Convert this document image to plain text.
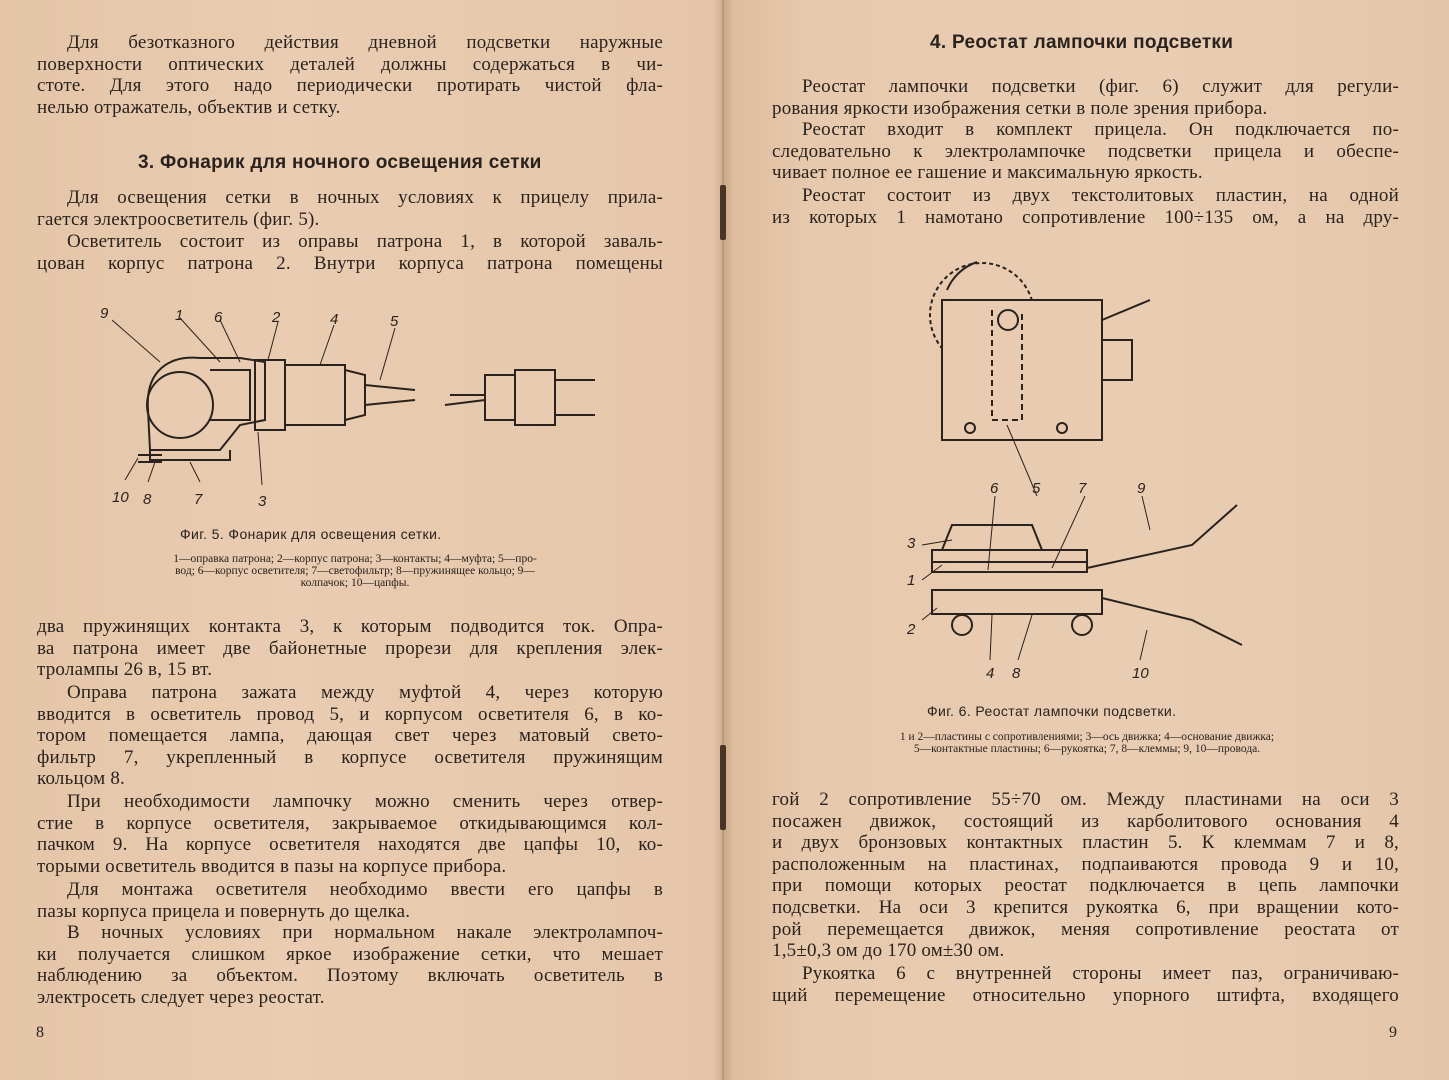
Для безотказного действия дневной подсветки наружные
поверхности оптических деталей должны содержаться в чи-
стоте. Для этого надо периодически протирать чистой фла-
нелью отражатель, объектив и сетку.
3. Фонарик для ночного освещения сетки
Для освещения сетки в ночных условиях к прицелу прила-
гается электроосветитель (фиг. 5).
Осветитель состоит из оправы патрона 1, в которой заваль-
цован корпус патрона 2. Внутри корпуса патрона помещены
9	1 6	2	4	5
10 8	7	3

Фиг. 5. Фонарик для освещения сетки.

1—оправка патрона; 2—корпус патрона; 3—контакты; 4—муфта; 5—про-
вод; 6—корпус осветителя; 7—светофильтр; 8—пружинящее кольцо; 9—
колпачок; 10—цапфы.
два пружинящих контакта 3, к которым подводится ток. Опра-
ва патрона имеет две байонетные прорези для крепления элек-
тролампы 26 в, 15 вт.
Оправа патрона зажата между муфтой 4, через которую
вводится в осветитель провод 5, и корпусом осветителя 6, в ко-
тором помещается лампа, дающая свет через матовый свето-
фильтр 7, укрепленный в корпусе осветителя пружинящим
кольцом 8.
При необходимости лампочку можно сменить через отвер-
стие в корпусе осветителя, закрываемое откидывающимся кол-
пачком 9. На корпусе осветителя находятся две цапфы 10, ко-
торыми осветитель вводится в пазы на корпусе прибора.
Для монтажа осветителя необходимо ввести его цапфы в
пазы корпуса прицела и повернуть до щелка.
В ночных условиях при нормальном накале электролампоч-
ки получается слишком яркое изображение сетки, что мешает
наблюдению за объектом. Поэтому включать осветитель в
электросеть следует через реостат.
8
4. Реостат лампочки подсветки
Реостат лампочки подсветки (фиг. 6) служит для регули-
рования яркости изображения сетки в поле зрения прибора.
Реостат входит в комплект прицела. Он подключается по-
следовательно к электролампочке подсветки прицела и обеспе-
чивает полное ее гашение и максимальную яркость.
Реостат состоит из двух текстолитовых пластин, на одной
из которых 1 намотано сопротивление 100÷135 ом, а на дру-
6 5	7	9
3
1
2
4 8	10

Фиг. 6. Реостат лампочки подсветки.

1 и 2—пластины с сопротивлениями; 3—ось движка; 4—основание движка;
5—контактные пластины; 6—рукоятка; 7, 8—клеммы; 9, 10—провода.
гой 2 сопротивление 55÷70 ом. Между пластинами на оси 3
посажен движок, состоящий из карболитового основания 4
и двух бронзовых контактных пластин 5. К клеммам 7 и 8,
расположенным на пластинах, подпаиваются провода 9 и 10,
при помощи которых реостат подключается в цепь лампочки
подсветки. На оси 3 крепится рукоятка 6, при вращении кото-
рой перемещается движок, меняя сопротивление реостата от
1,5±0,3 ом до 170 ом±30 ом.
Рукоятка 6 с внутренней стороны имеет паз, ограничиваю-
щий перемещение относительно упорного штифта, входящего
9
